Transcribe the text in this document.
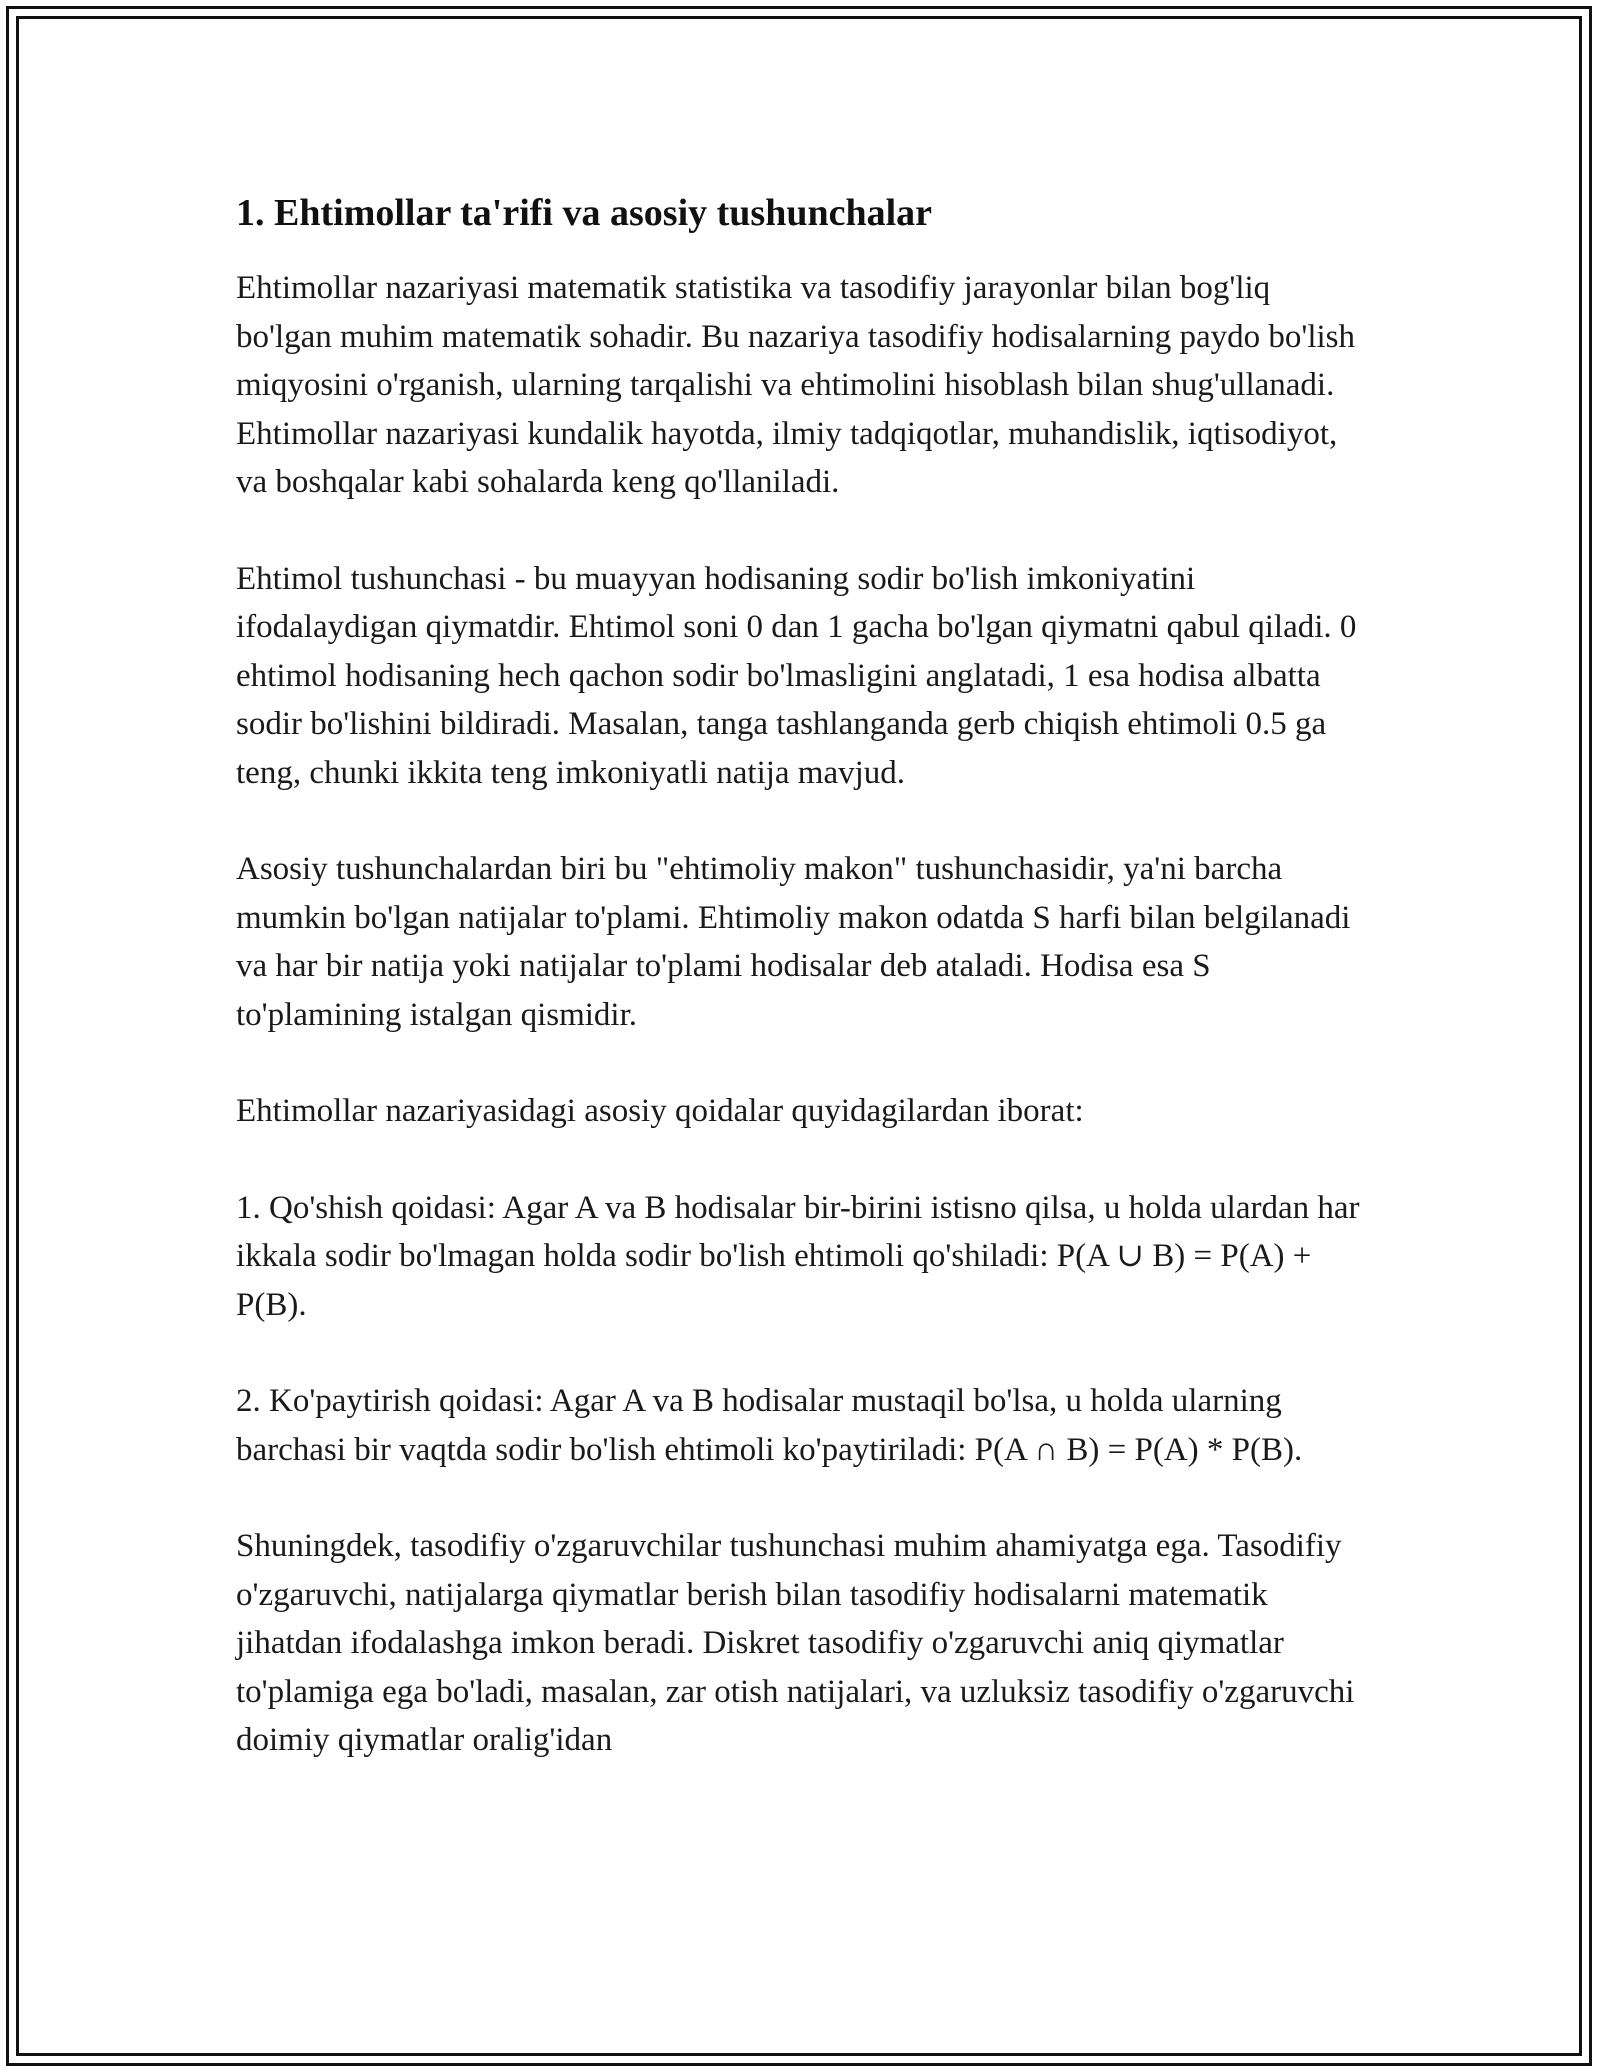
1. Ehtimollar ta'rifi va asosiy tushunchalar

Ehtimollar nazariyasi matematik statistika va tasodifiy jarayonlar bilan bog'liq bo'lgan muhim matematik sohadir. Bu nazariya tasodifiy hodisalarning paydo bo'lish miqyosini o'rganish, ularning tarqalishi va ehtimolini hisoblash bilan shug'ullanadi. Ehtimollar nazariyasi kundalik hayotda, ilmiy tadqiqotlar, muhandislik, iqtisodiyot, va boshqalar kabi sohalarda keng qo'llaniladi.

Ehtimol tushunchasi - bu muayyan hodisaning sodir bo'lish imkoniyatini ifodalaydigan qiymatdir. Ehtimol soni 0 dan 1 gacha bo'lgan qiymatni qabul qiladi. 0 ehtimol hodisaning hech qachon sodir bo'lmasligini anglatadi, 1 esa hodisa albatta sodir bo'lishini bildiradi. Masalan, tanga tashlanganda gerb chiqish ehtimoli 0.5 ga teng, chunki ikkita teng imkoniyatli natija mavjud.

Asosiy tushunchalardan biri bu "ehtimoliy makon" tushunchasidir, ya'ni barcha mumkin bo'lgan natijalar to'plami. Ehtimoliy makon odatda S harfi bilan belgilanadi va har bir natija yoki natijalar to'plami hodisalar deb ataladi. Hodisa esa S to'plamining istalgan qismidir.

Ehtimollar nazariyasidagi asosiy qoidalar quyidagilardan iborat:

1. Qo'shish qoidasi: Agar A va B hodisalar bir-birini istisno qilsa, u holda ulardan har ikkala sodir bo'lmagan holda sodir bo'lish ehtimoli qo'shiladi: P(A ∪ B) = P(A) + P(B).

2. Ko'paytirish qoidasi: Agar A va B hodisalar mustaqil bo'lsa, u holda ularning barchasi bir vaqtda sodir bo'lish ehtimoli ko'paytiriladi: P(A ∩ B) = P(A) * P(B).

Shuningdek, tasodifiy o'zgaruvchilar tushunchasi muhim ahamiyatga ega. Tasodifiy o'zgaruvchi, natijalarga qiymatlar berish bilan tasodifiy hodisalarni matematik jihatdan ifodalashga imkon beradi. Diskret tasodifiy o'zgaruvchi aniq qiymatlar to'plamiga ega bo'ladi, masalan, zar otish natijalari, va uzluksiz tasodifiy o'zgaruvchi doimiy qiymatlar oralig'idan
